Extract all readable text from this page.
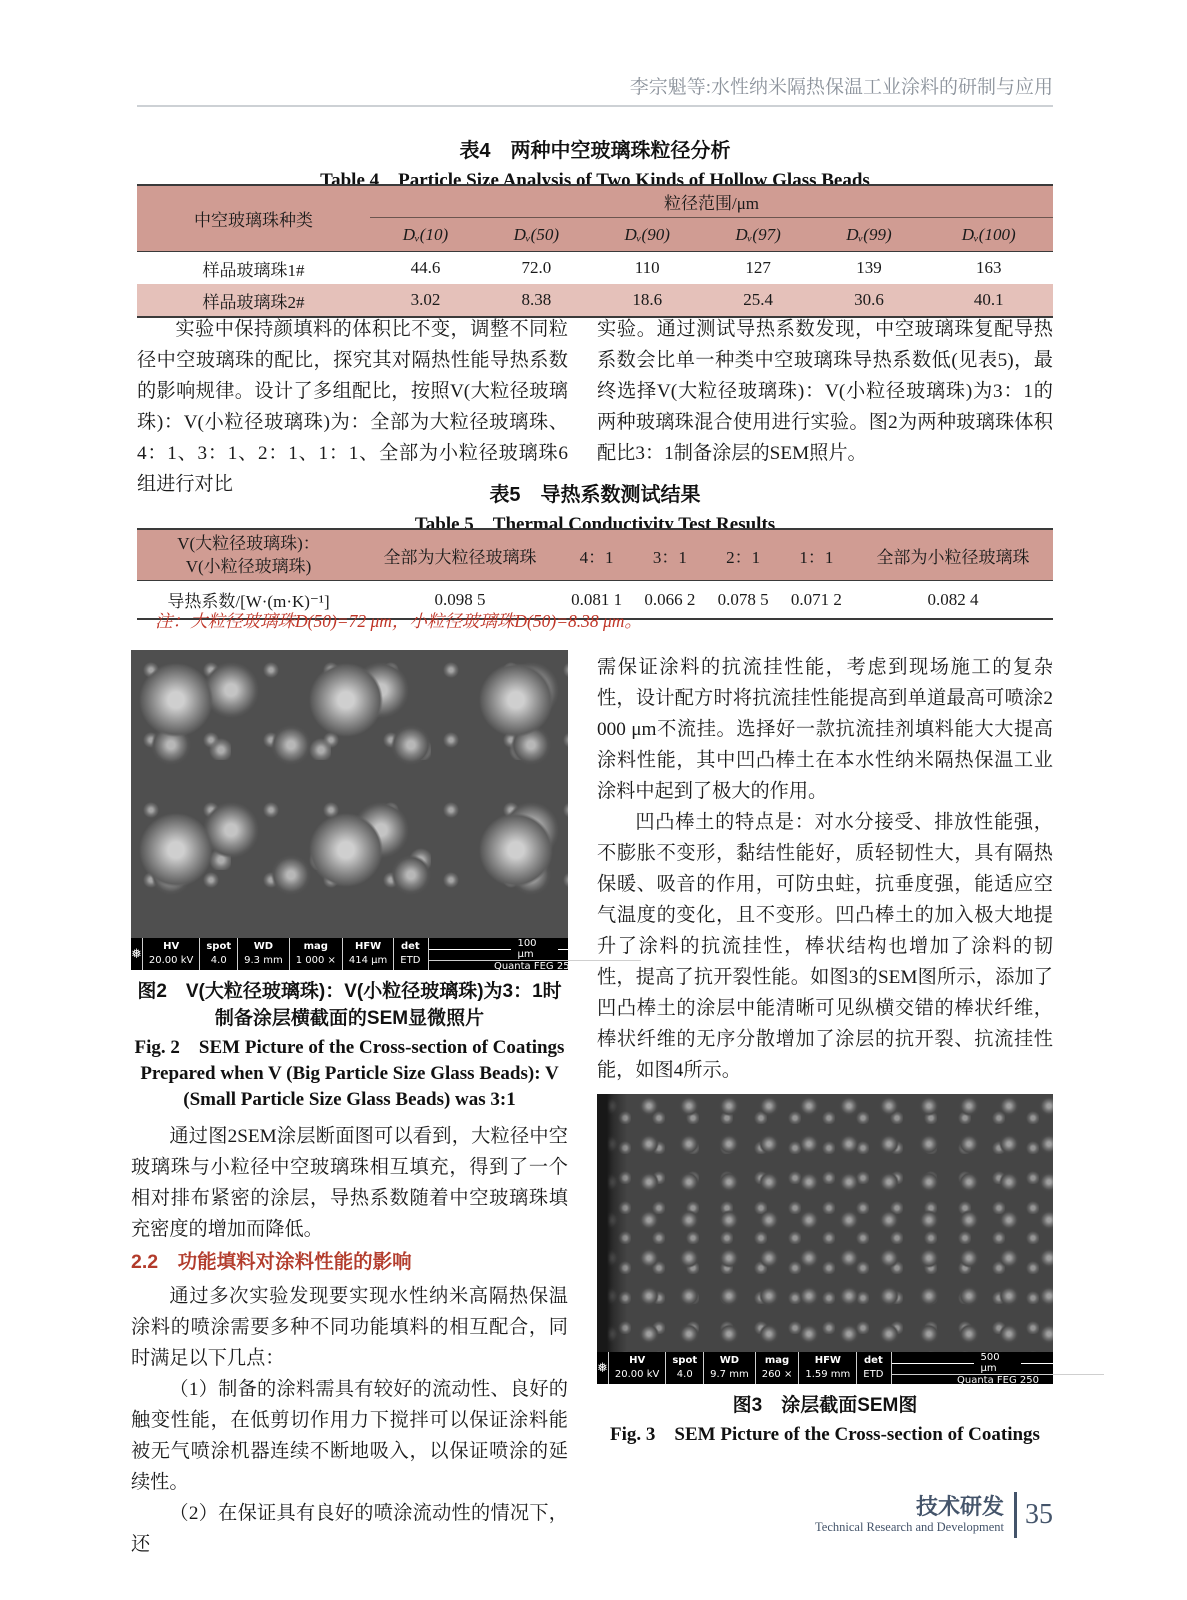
李宗魁等:水性纳米隔热保温工业涂料的研制与应用
表4　两种中空玻璃珠粒径分析
Table 4  Particle Size Analysis of Two Kinds of Hollow Glass Beads
中空玻璃珠种类	粒径范围/μm					
	Dᵥ(10)	Dᵥ(50)	Dᵥ(90)	Dᵥ(97)	Dᵥ(99)	Dᵥ(100)
样品玻璃珠1#	44.6	72.0	110	127	139	163
样品玻璃珠2#	3.02	8.38	18.6	25.4	30.6	40.1

实验中保持颜填料的体积比不变，调整不同粒径中空玻璃珠的配比，探究其对隔热性能导热系数的影响规律。设计了多组配比，按照V(大粒径玻璃珠)：V(小粒径玻璃珠)为：全部为大粒径玻璃珠、4：1、3：1、2：1、1：1、全部为小粒径玻璃珠6组进行对比

实验。通过测试导热系数发现，中空玻璃珠复配导热系数会比单一种类中空玻璃珠导热系数低(见表5)，最终选择V(大粒径玻璃珠)：V(小粒径玻璃珠)为3：1的两种玻璃珠混合使用进行实验。图2为两种玻璃珠体积配比3：1制备涂层的SEM照片。

表5　导热系数测试结果
Table 5  Thermal Conductivity Test Results
V(大粒径玻璃珠)：
V(小粒径玻璃珠)	全部为大粒径玻璃珠	4：1	3：1	2：1	1：1	全部为小粒径玻璃珠
导热系数/[W·(m·K)⁻¹]	0.098 5	0.081 1	0.066 2	0.078 5	0.071 2	0.082 4
注：大粒径玻璃珠D(50)=72 μm，小粒径玻璃珠D(50)=8.38 μm。
❅	HV
20.00 kV
spot
4.0
WD
9.3 mm
mag
1 000 ×
HFW
414 μm
det
ETD
100 μm
Quanta FEG 250
图2　V(大粒径玻璃珠)：V(小粒径玻璃珠)为3：1时制备涂层横截面的SEM显微照片
Fig. 2  SEM Picture of the Cross-section of Coatings Prepared when V (Big Particle Size Glass Beads): V (Small Particle Size Glass Beads) was 3:1

通过图2SEM涂层断面图可以看到，大粒径中空玻璃珠与小粒径中空玻璃珠相互填充，得到了一个相对排布紧密的涂层，导热系数随着中空玻璃珠填充密度的增加而降低。

2.2　功能填料对涂料性能的影响

通过多次实验发现要实现水性纳米高隔热保温涂料的喷涂需要多种不同功能填料的相互配合，同时满足以下几点：

（1）制备的涂料需具有较好的流动性、良好的触变性能，在低剪切作用力下搅拌可以保证涂料能被无气喷涂机器连续不断地吸入，以保证喷涂的延续性。

（2）在保证具有良好的喷涂流动性的情况下，还

需保证涂料的抗流挂性能，考虑到现场施工的复杂性，设计配方时将抗流挂性能提高到单道最高可喷涂2 000 μm不流挂。选择好一款抗流挂剂填料能大大提高涂料性能，其中凹凸棒土在本水性纳米隔热保温工业涂料中起到了极大的作用。

凹凸棒土的特点是：对水分接受、排放性能强，不膨胀不变形，黏结性能好，质轻韧性大，具有隔热保暖、吸音的作用，可防虫蛀，抗垂度强，能适应空气温度的变化，且不变形。凹凸棒土的加入极大地提升了涂料的抗流挂性，棒状结构也增加了涂料的韧性，提高了抗开裂性能。如图3的SEM图所示，添加了凹凸棒土的涂层中能清晰可见纵横交错的棒状纤维，棒状纤维的无序分散增加了涂层的抗开裂、抗流挂性能，如图4所示。

❅	HV
20.00 kV
spot
4.0
WD
9.7 mm
mag
260 ×
HFW
1.59 mm
det
ETD
500 μm
Quanta FEG 250
图3　涂层截面SEM图
Fig. 3  SEM Picture of the Cross-section of Coatings
技术研发
Technical Research and Development 35
